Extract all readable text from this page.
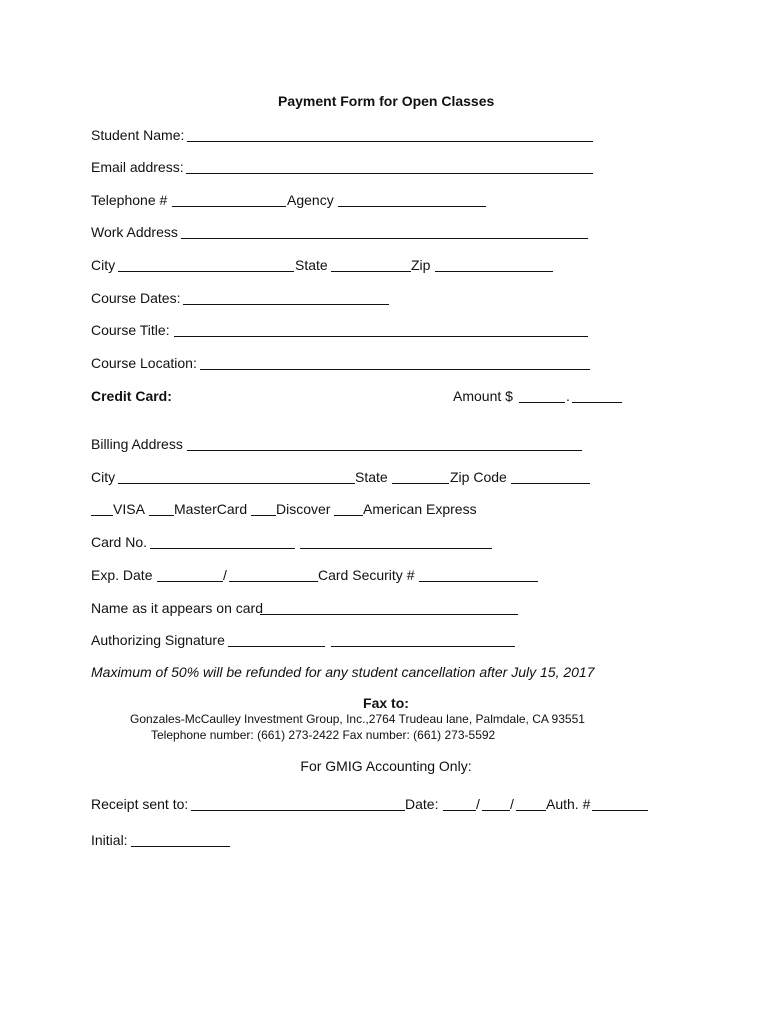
Payment Form for Open Classes
Student Name:
Email address:
Telephone #	Agency
Work Address
City	State	Zip
Course Dates:
Course Title:
Course Location:
Credit Card:	Amount $	.
Billing Address
City	State	Zip Code
VISA MasterCard Discover American Express
Card No.
Exp. Date	/	Card Security #
Name as it appears on card
Authorizing Signature
Maximum of 50% will be refunded for any student cancellation after July 15, 2017
Fax to:
Gonzales-McCaulley Investment Group, Inc.,2764 Trudeau lane, Palmdale, CA 93551
Telephone number: (661) 273-2422 Fax number: (661) 273-5592
For GMIG Accounting Only:
Receipt sent to:	Date:	/ / Auth. #
Initial:
